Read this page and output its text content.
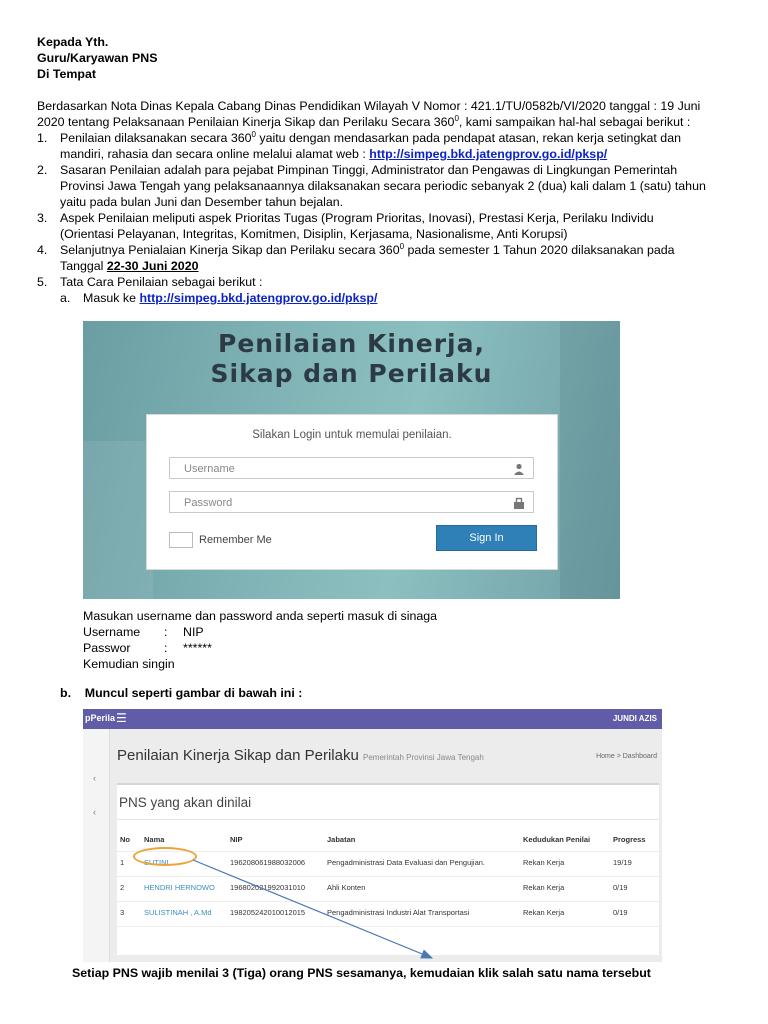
Kepada Yth.
Guru/Karyawan PNS
Di Tempat
Berdasarkan Nota Dinas Kepala Cabang Dinas Pendidikan Wilayah V Nomor : 421.1/TU/0582b/VI/2020 tanggal : 19 Juni
2020 tentang Pelaksanaan Penilaian Kinerja Sikap dan Perilaku Secara $360^0$, kami sampaikan hal-hal sebagai berikut :
1. Penilaian dilaksanakan secara $360^0$ yaitu dengan mendasarkan pada pendapat atasan, rekan kerja setingkat dan
mandiri, rahasia dan secara online melalui alamat web : http://simpeg.bkd.jatengprov.go.id/pksp/
2. Sasaran Penilaian adalah para pejabat Pimpinan Tinggi, Administrator dan Pengawas di Lingkungan Pemerintah
Provinsi Jawa Tengah yang pelaksanaannya dilaksanakan secara periodic sebanyak 2 (dua) kali dalam 1 (satu) tahun
yaitu pada bulan Juni dan Desember tahun bejalan.
3. Aspek Penilaian meliputi aspek Prioritas Tugas (Program Prioritas, Inovasi), Prestasi Kerja, Perilaku Individu
(Orientasi Pelayanan, Integritas, Komitmen, Disiplin, Kerjasama, Nasionalisme, Anti Korupsi)
4. Selanjutnya Penialaian Kinerja Sikap dan Perilaku secara $360^0$ pada semester 1 Tahun 2020 dilaksanakan pada
Tanggal 22-30 Juni 2020
5. Tata Cara Penilaian sebagai berikut :
a. Masuk ke http://simpeg.bkd.jatengprov.go.id/pksp/
Penilaian Kinerja,
Sikap dan Perilaku
Silakan Login untuk memulai penilaian.
Username
Password
Remember Me	Sign In
Masukan username dan password anda seperti masuk di sinaga
Username : NIP
Passwor	: ******
Kemudian singin
b. Muncul seperti gambar di bawah ini :
pPerila ☰	JUNDI AZIS
‹
‹
Penilaian Kinerja Sikap dan Perilaku Pemerintah Provinsi Jawa Tengah	Home > Dashboard
PNS yang akan dinilai
No Nama	NIP	Jabatan	Kedudukan Penilai	Progress
1	SUTINI	196208061988032006	Pengadministrasi Data Evaluasi dan Pengujian.	Rekan Kerja	19/19
2	HENDRI HERNOWO 196802021992031010	Ahli Konten	Rekan Kerja	0/19
3	SULISTINAH , A.Md 198205242010012015	Pengadministrasi Industri Alat Transportasi	Rekan Kerja	0/19
Setiap PNS wajib menilai 3 (Tiga) orang PNS sesamanya, kemudaian klik salah satu nama tersebut
